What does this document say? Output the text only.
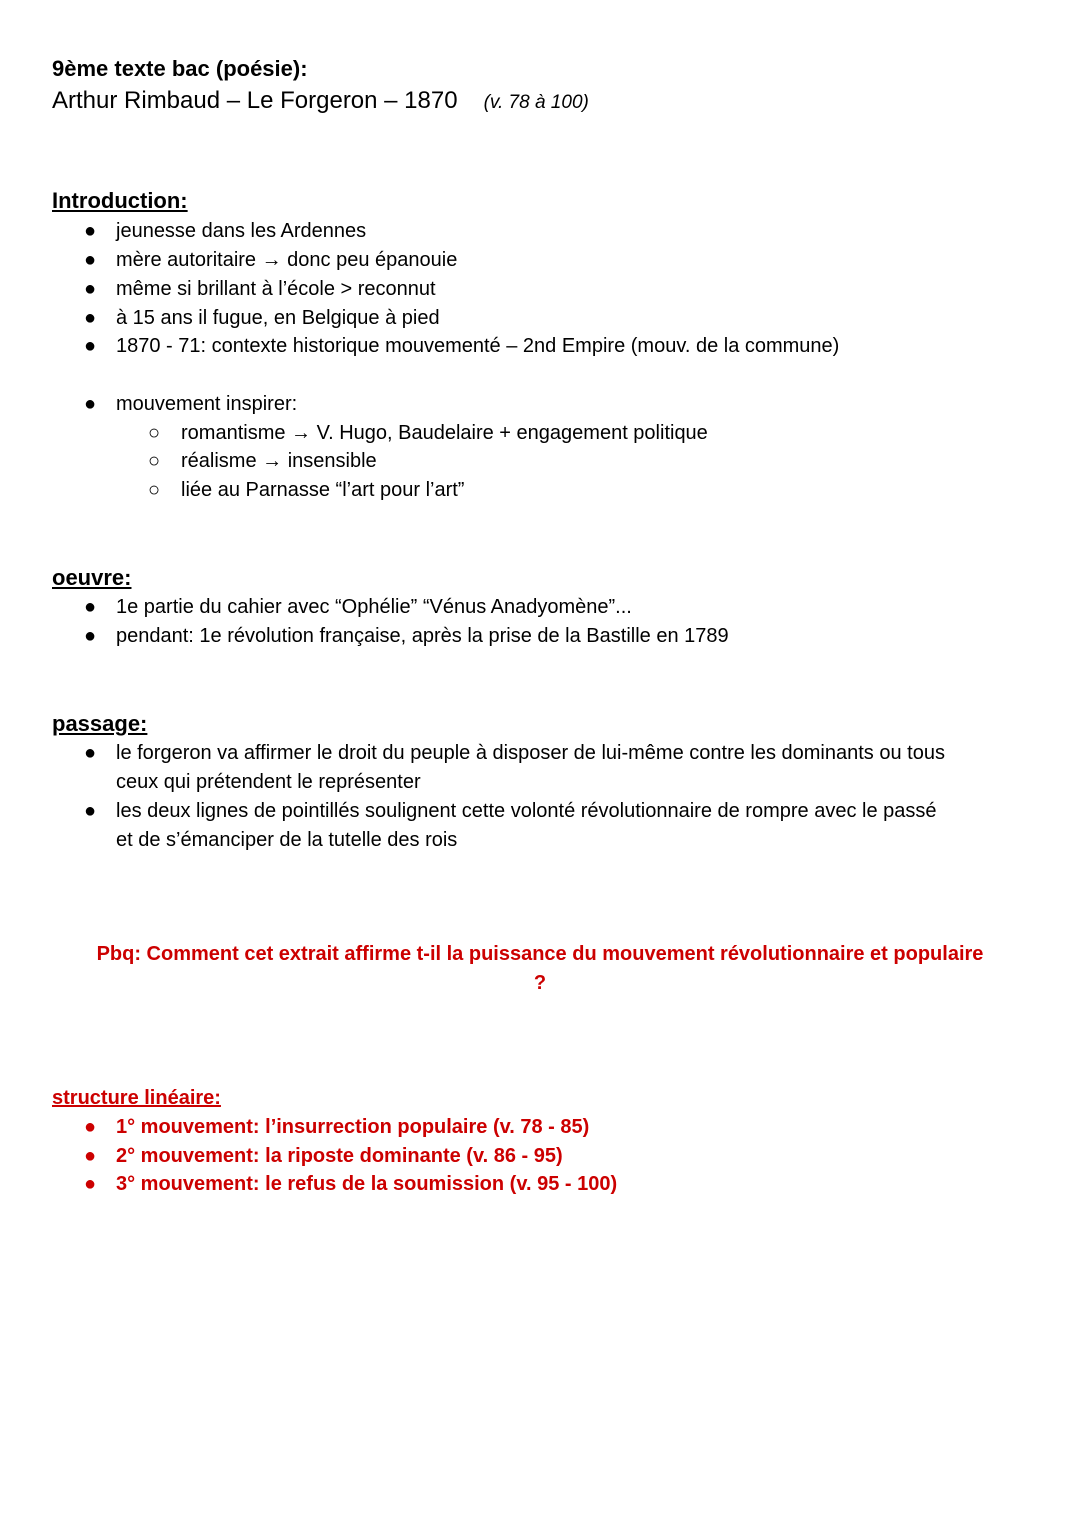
9ème texte bac (poésie):
Arthur Rimbaud – Le Forgeron – 1870 (v. 78 à 100)
Introduction:
● jeunesse dans les Ardennes
● mère autoritaire → donc peu épanouie
● même si brillant à l’école > reconnut
● à 15 ans il fugue, en Belgique à pied
● 1870 - 71: contexte historique mouvementé – 2nd Empire (mouv. de la commune)
● mouvement inspirer:
○ romantisme → V. Hugo, Baudelaire + engagement politique
○ réalisme → insensible
○ liée au Parnasse “l’art pour l’art”
oeuvre:
● 1e partie du cahier avec “Ophélie” “Vénus Anadyomène”...
● pendant: 1e révolution française, après la prise de la Bastille en 1789
passage:
● le forgeron va affirmer le droit du peuple à disposer de lui-même contre les dominants ou tous
ceux qui prétendent le représenter
● les deux lignes de pointillés soulignent cette volonté révolutionnaire de rompre avec le passé
et de s’émanciper de la tutelle des rois
Pbq: Comment cet extrait affirme t-il la puissance du mouvement révolutionnaire et populaire
?
structure linéaire:
● 1° mouvement: l’insurrection populaire (v. 78 - 85)
● 2° mouvement: la riposte dominante (v. 86 - 95)
● 3° mouvement: le refus de la soumission (v. 95 - 100)
